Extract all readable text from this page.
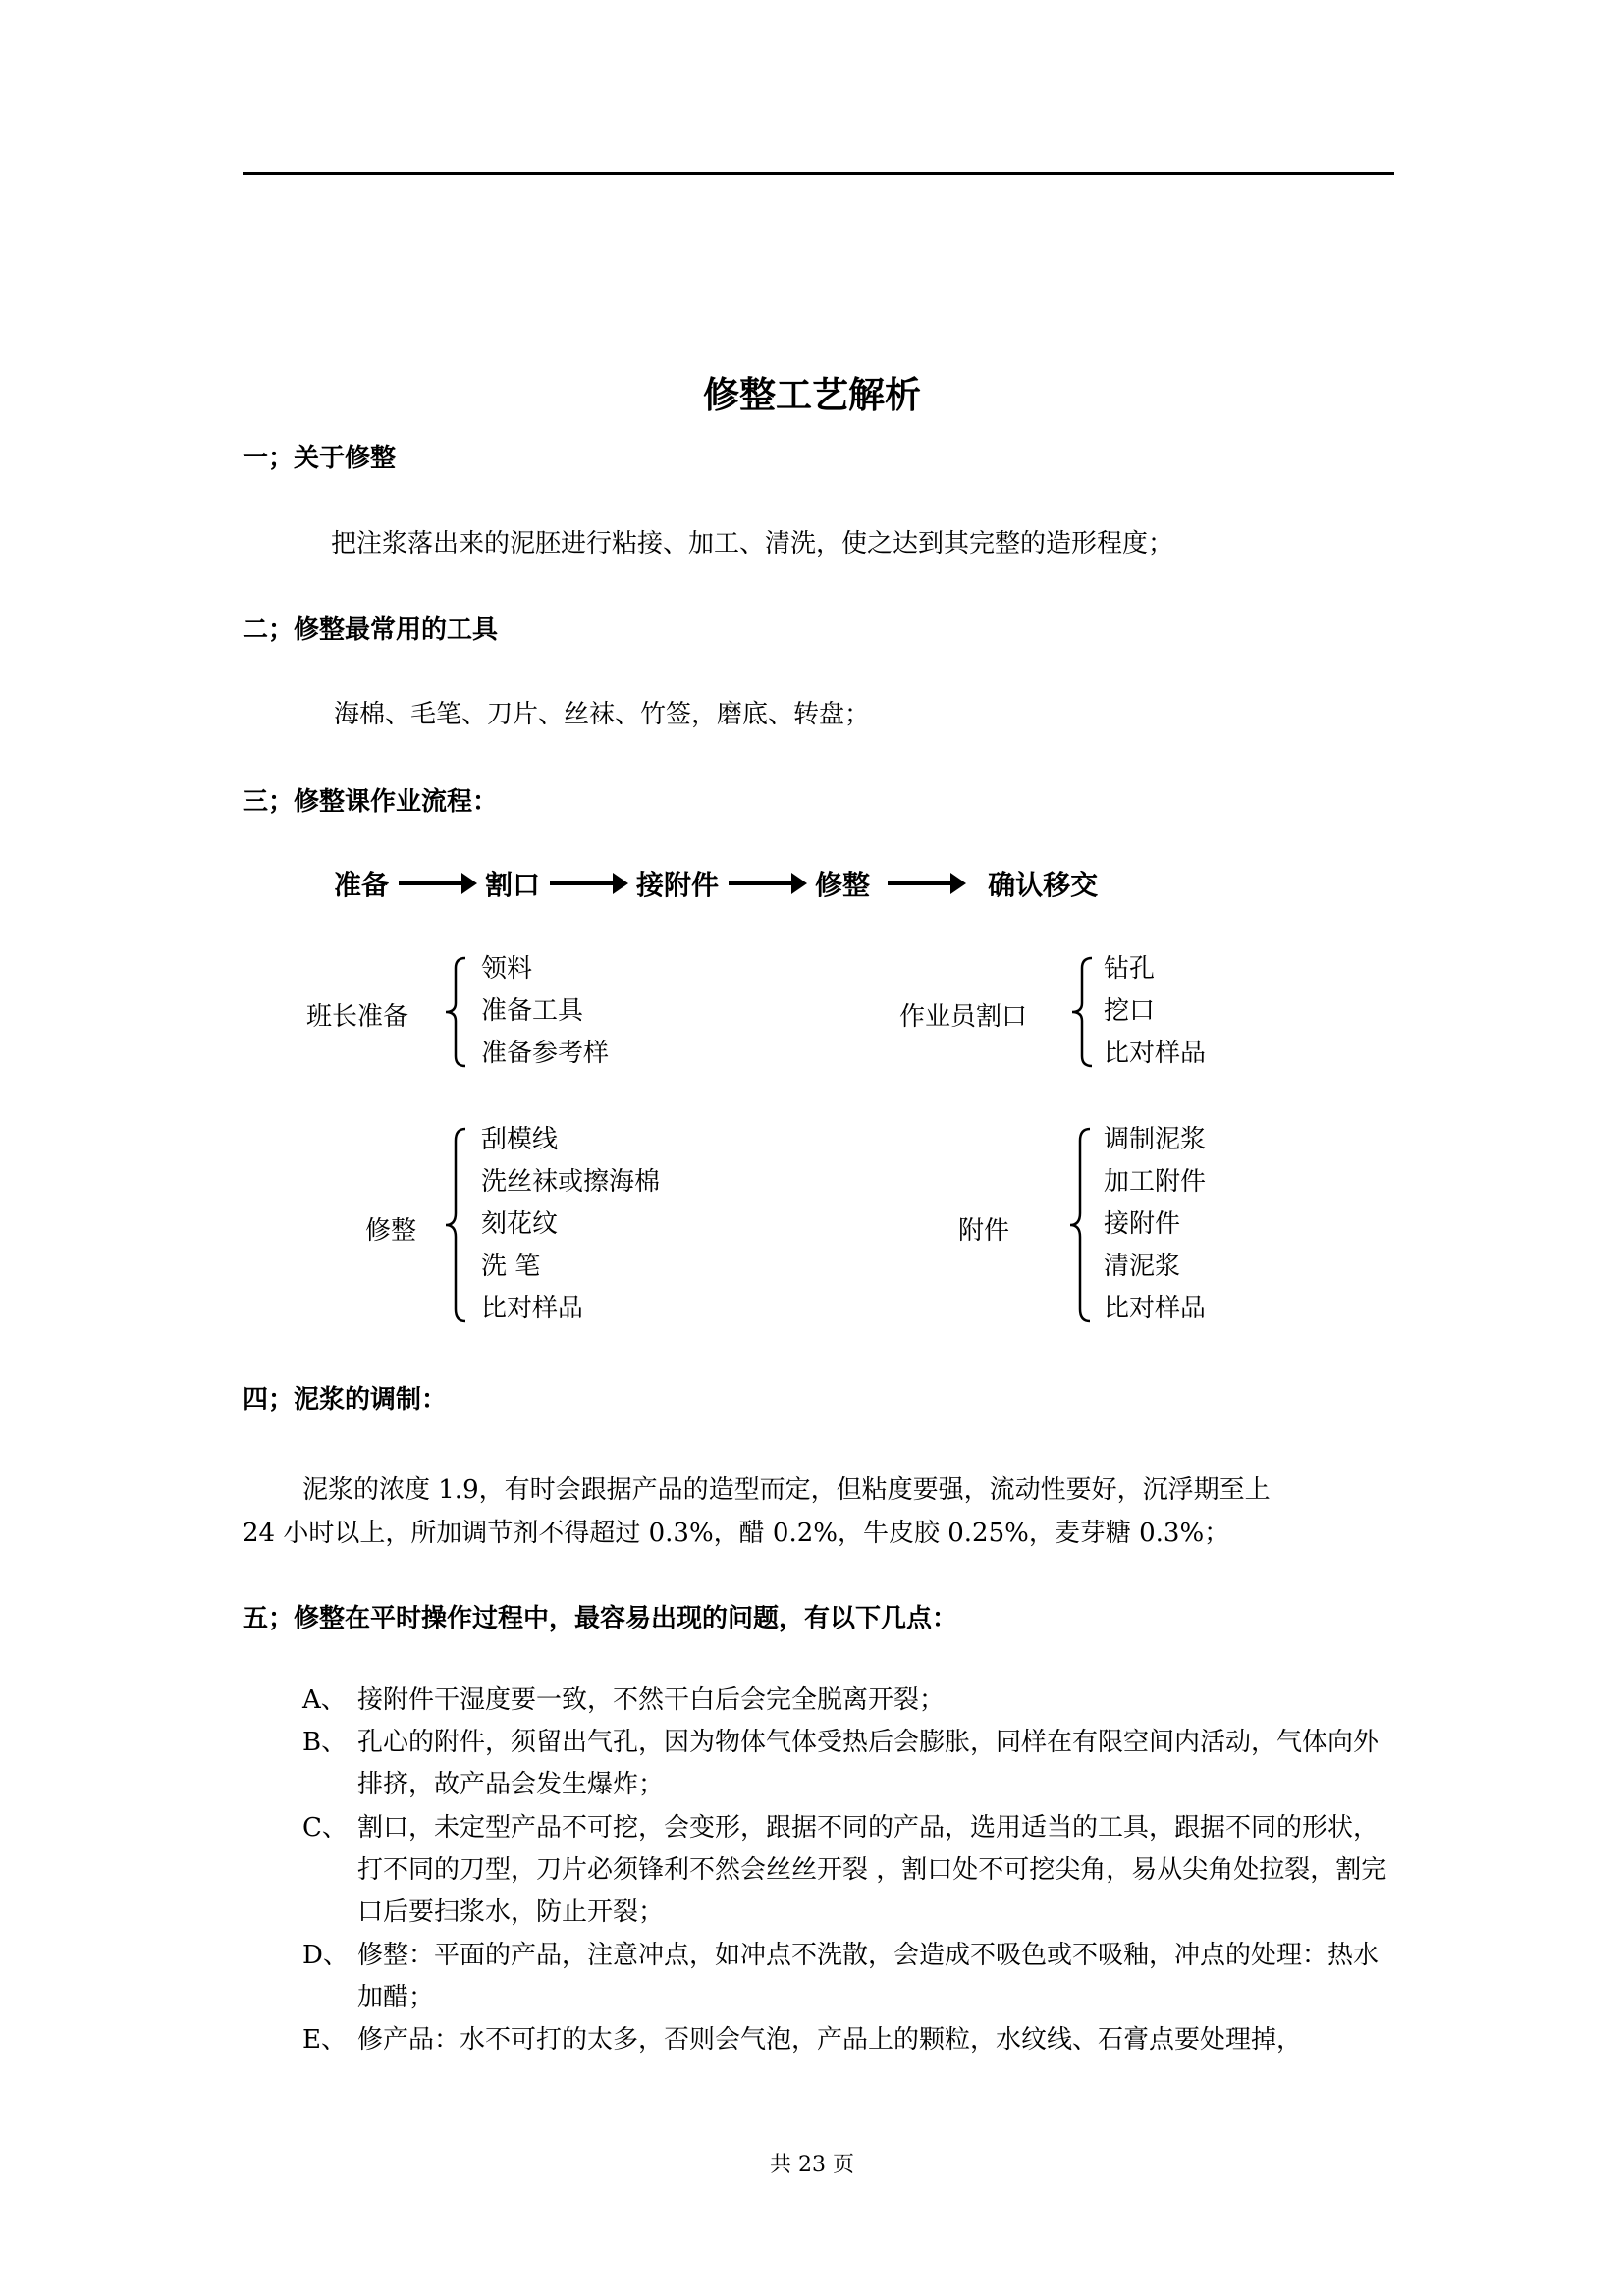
修整工艺解析
一；关于修整
把注浆落出来的泥胚进行粘接、加工、清洗，使之达到其完整的造形程度；
二；修整最常用的工具
海棉、毛笔、刀片、丝袜、竹签，磨底、转盘；
三；修整课作业流程：
准备	割口	接附件	修整	确认移交
班长准备
领料
准备工具
准备参考样
作业员割口
钻孔
挖口
比对样品
修整
刮模线
洗丝袜或擦海棉
刻花纹
洗 笔
比对样品
附件
调制泥浆
加工附件
接附件
清泥浆
比对样品
四；泥浆的调制：
泥浆的浓度 1.9，有时会跟据产品的造型而定，但粘度要强，流动性要好，沉浮期至上
24 小时以上，所加调节剂不得超过 0.3%，醋 0.2%，牛皮胶 0.25%，麦芽糖 0.3%；
五；修整在平时操作过程中，最容易出现的问题，有以下几点：
A、 接附件干湿度要一致，不然干白后会完全脱离开裂；
B、 孔心的附件，须留出气孔，因为物体气体受热后会膨胀，同样在有限空间内活动，气体向外排挤，故产品会发生爆炸；
C、 割口，未定型产品不可挖，会变形，跟据不同的产品，选用适当的工具，跟据不同的形状，打不同的刀型，刀片必须锋利不然会丝丝开裂 ，割口处不可挖尖角，易从尖角处拉裂，割完口后要扫浆水，防止开裂；
D、 修整：平面的产品，注意冲点，如冲点不洗散，会造成不吸色或不吸釉，冲点的处理：热水加醋；
E、 修产品：水不可打的太多，否则会气泡，产品上的颗粒，水纹线、石膏点要处理掉，
共 23 页
